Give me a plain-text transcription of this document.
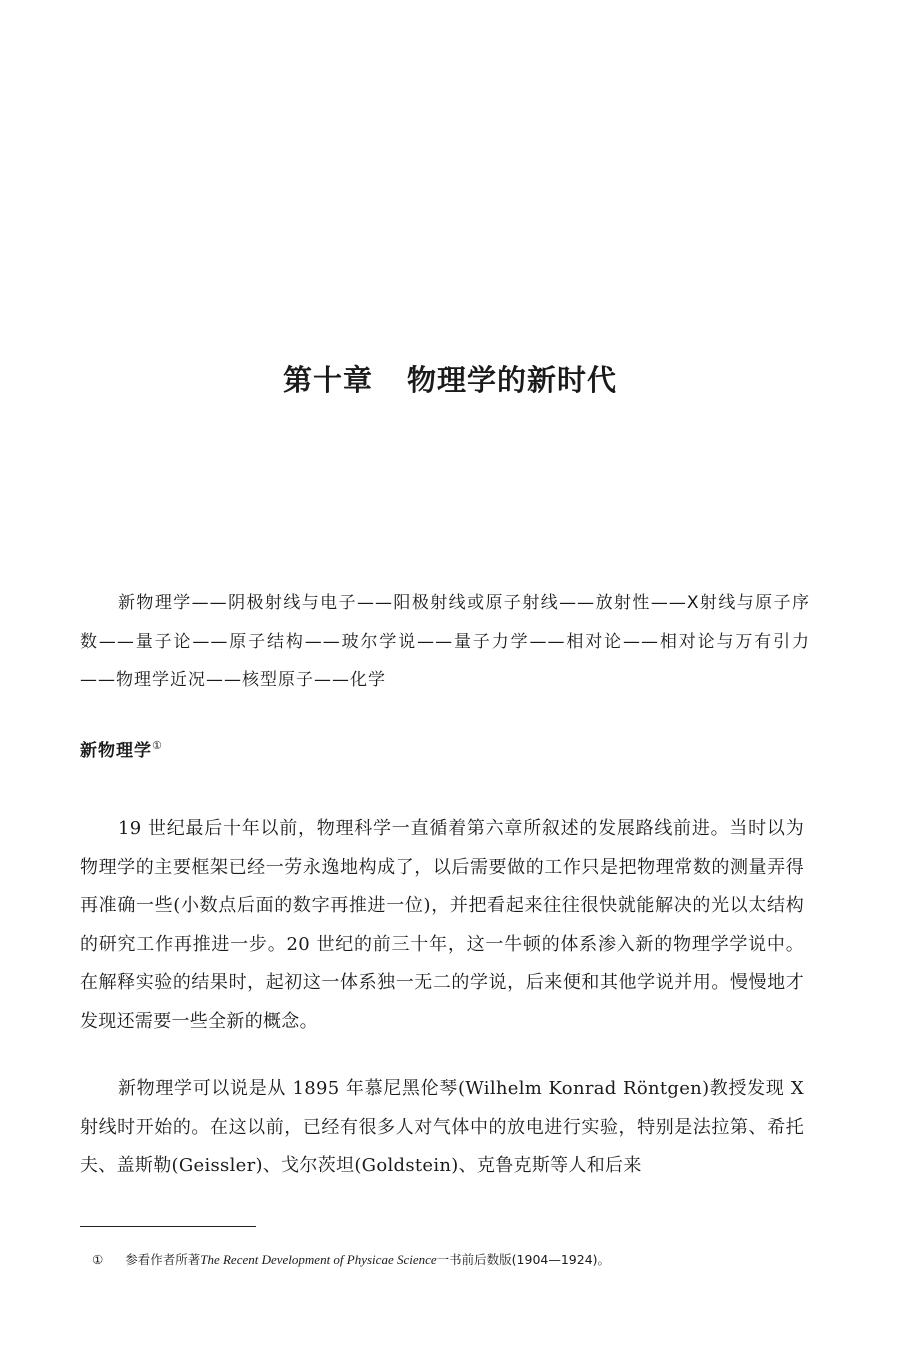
第十章 物理学的新时代

新物理学——阴极射线与电子——阳极射线或原子射线——放射性——X射线与原子序数——量子论——原子结构——玻尔学说——量子力学——相对论——相对论与万有引力——物理学近况——核型原子——化学

新物理学①

19 世纪最后十年以前，物理科学一直循着第六章所叙述的发展路线前进。当时以为物理学的主要框架已经一劳永逸地构成了，以后需要做的工作只是把物理常数的测量弄得再准确一些(小数点后面的数字再推进一位)，并把看起来往往很快就能解决的光以太结构的研究工作再推进一步。20 世纪的前三十年，这一牛顿的体系渗入新的物理学学说中。在解释实验的结果时，起初这一体系独一无二的学说，后来便和其他学说并用。慢慢地才发现还需要一些全新的概念。

新物理学可以说是从 1895 年慕尼黑伦琴(Wilhelm Konrad Röntgen)教授发现 X 射线时开始的。在这以前，已经有很多人对气体中的放电进行实验，特别是法拉第、希托夫、盖斯勒(Geissler)、戈尔茨坦(Goldstein)、克鲁克斯等人和后来

① 参看作者所著The Recent Development of Physicae Science一书前后数版(1904—1924)。
